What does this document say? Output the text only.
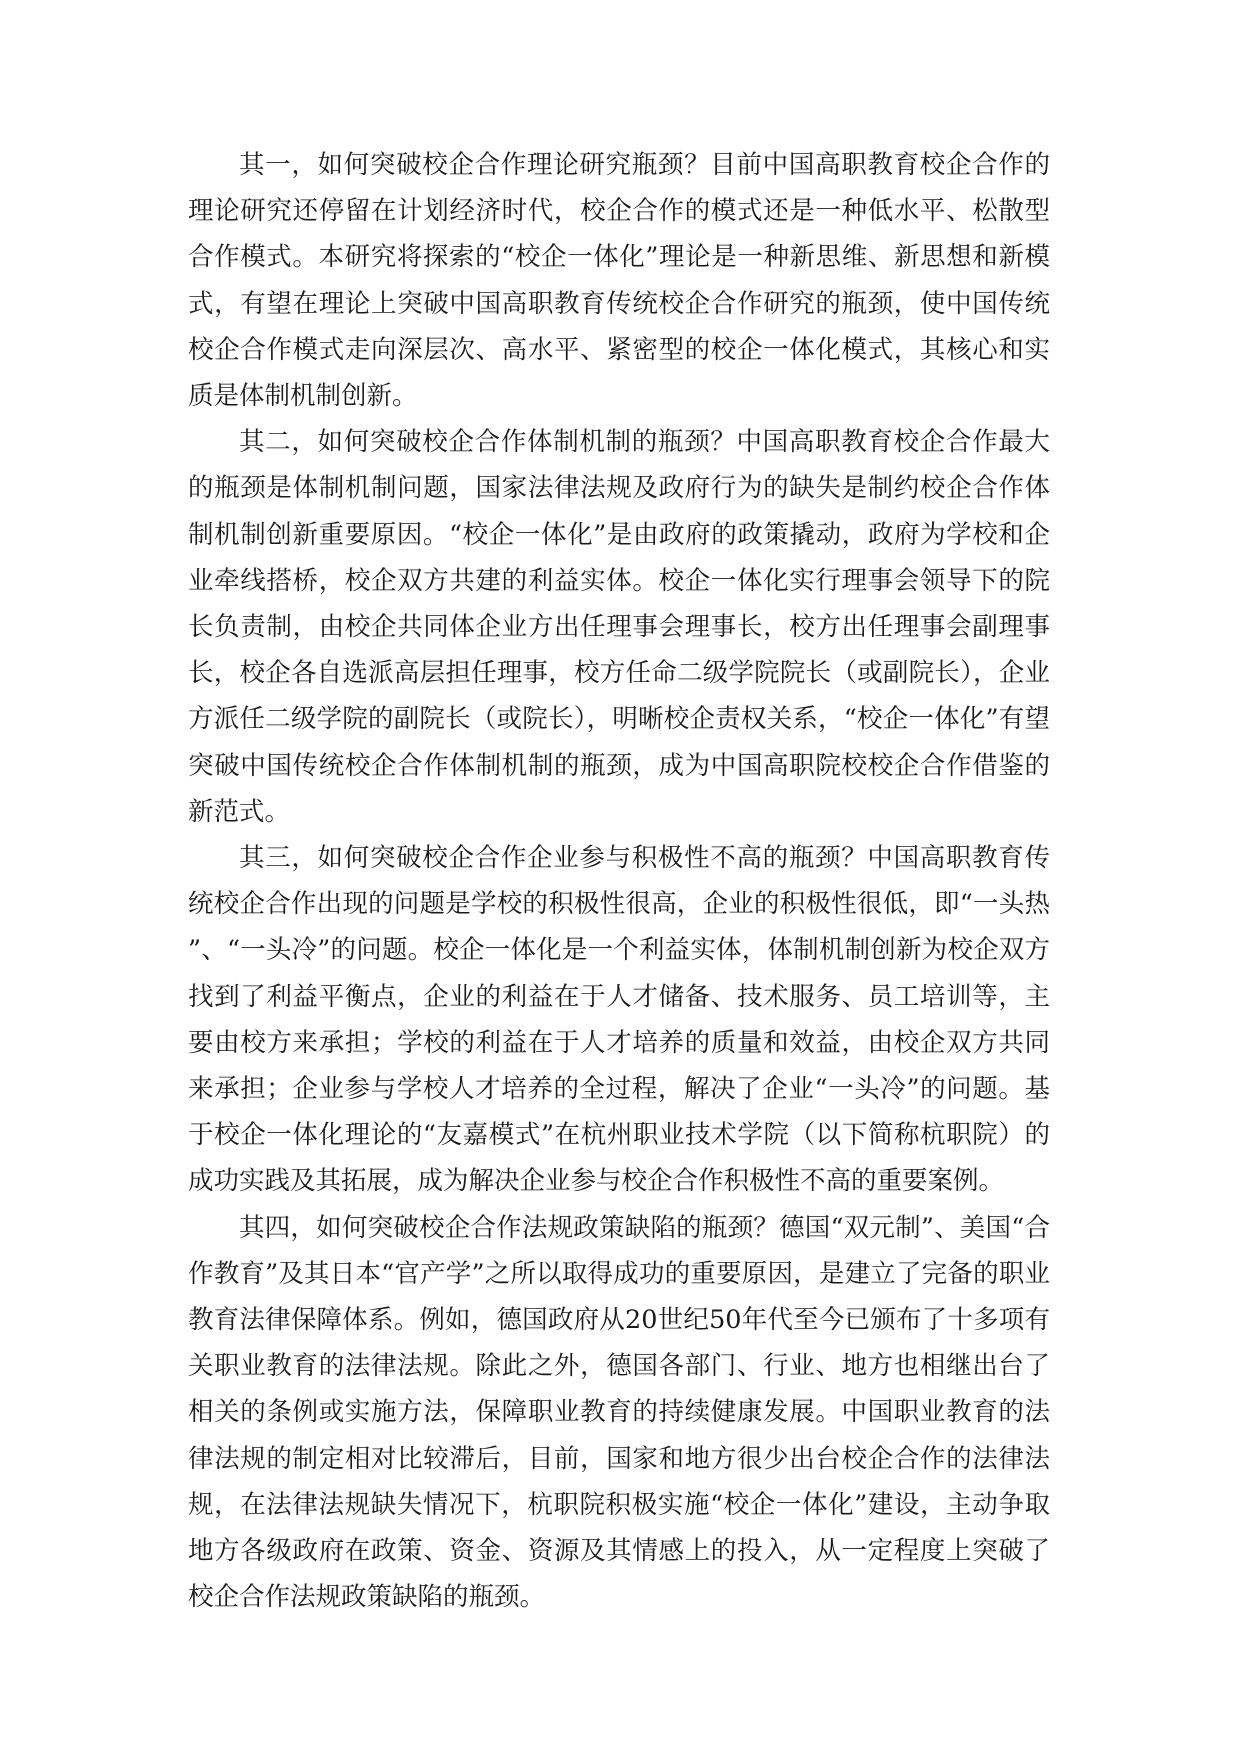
其一，如何突破校企合作理论研究瓶颈？目前中国高职教育校企合作的理论研究还停留在计划经济时代，校企合作的模式还是一种低水平、松散型合作模式。本研究将探索的“校企一体化”理论是一种新思维、新思想和新模式，有望在理论上突破中国高职教育传统校企合作研究的瓶颈，使中国传统校企合作模式走向深层次、高水平、紧密型的校企一体化模式，其核心和实质是体制机制创新。

其二，如何突破校企合作体制机制的瓶颈？中国高职教育校企合作最大的瓶颈是体制机制问题，国家法律法规及政府行为的缺失是制约校企合作体制机制创新重要原因。“校企一体化”是由政府的政策撬动，政府为学校和企业牵线搭桥，校企双方共建的利益实体。校企一体化实行理事会领导下的院长负责制，由校企共同体企业方出任理事会理事长，校方出任理事会副理事长，校企各自选派高层担任理事，校方任命二级学院院长（或副院长），企业方派任二级学院的副院长（或院长），明晰校企责权关系，“校企一体化”有望突破中国传统校企合作体制机制的瓶颈，成为中国高职院校校企合作借鉴的新范式。

其三，如何突破校企合作企业参与积极性不高的瓶颈？中国高职教育传统校企合作出现的问题是学校的积极性很高，企业的积极性很低，即“一头热”、“一头冷”的问题。校企一体化是一个利益实体，体制机制创新为校企双方找到了利益平衡点，企业的利益在于人才储备、技术服务、员工培训等，主要由校方来承担；学校的利益在于人才培养的质量和效益，由校企双方共同来承担；企业参与学校人才培养的全过程，解决了企业“一头冷”的问题。基于校企一体化理论的“友嘉模式”在杭州职业技术学院（以下简称杭职院）的成功实践及其拓展，成为解决企业参与校企合作积极性不高的重要案例。

其四，如何突破校企合作法规政策缺陷的瓶颈？德国“双元制”、美国“合作教育”及其日本“官产学”之所以取得成功的重要原因，是建立了完备的职业教育法律保障体系。例如，德国政府从20世纪50年代至今已颁布了十多项有关职业教育的法律法规。除此之外，德国各部门、行业、地方也相继出台了相关的条例或实施方法，保障职业教育的持续健康发展。中国职业教育的法律法规的制定相对比较滞后，目前，国家和地方很少出台校企合作的法律法规，在法律法规缺失情况下，杭职院积极实施“校企一体化”建设，主动争取地方各级政府在政策、资金、资源及其情感上的投入，从一定程度上突破了校企合作法规政策缺陷的瓶颈。
